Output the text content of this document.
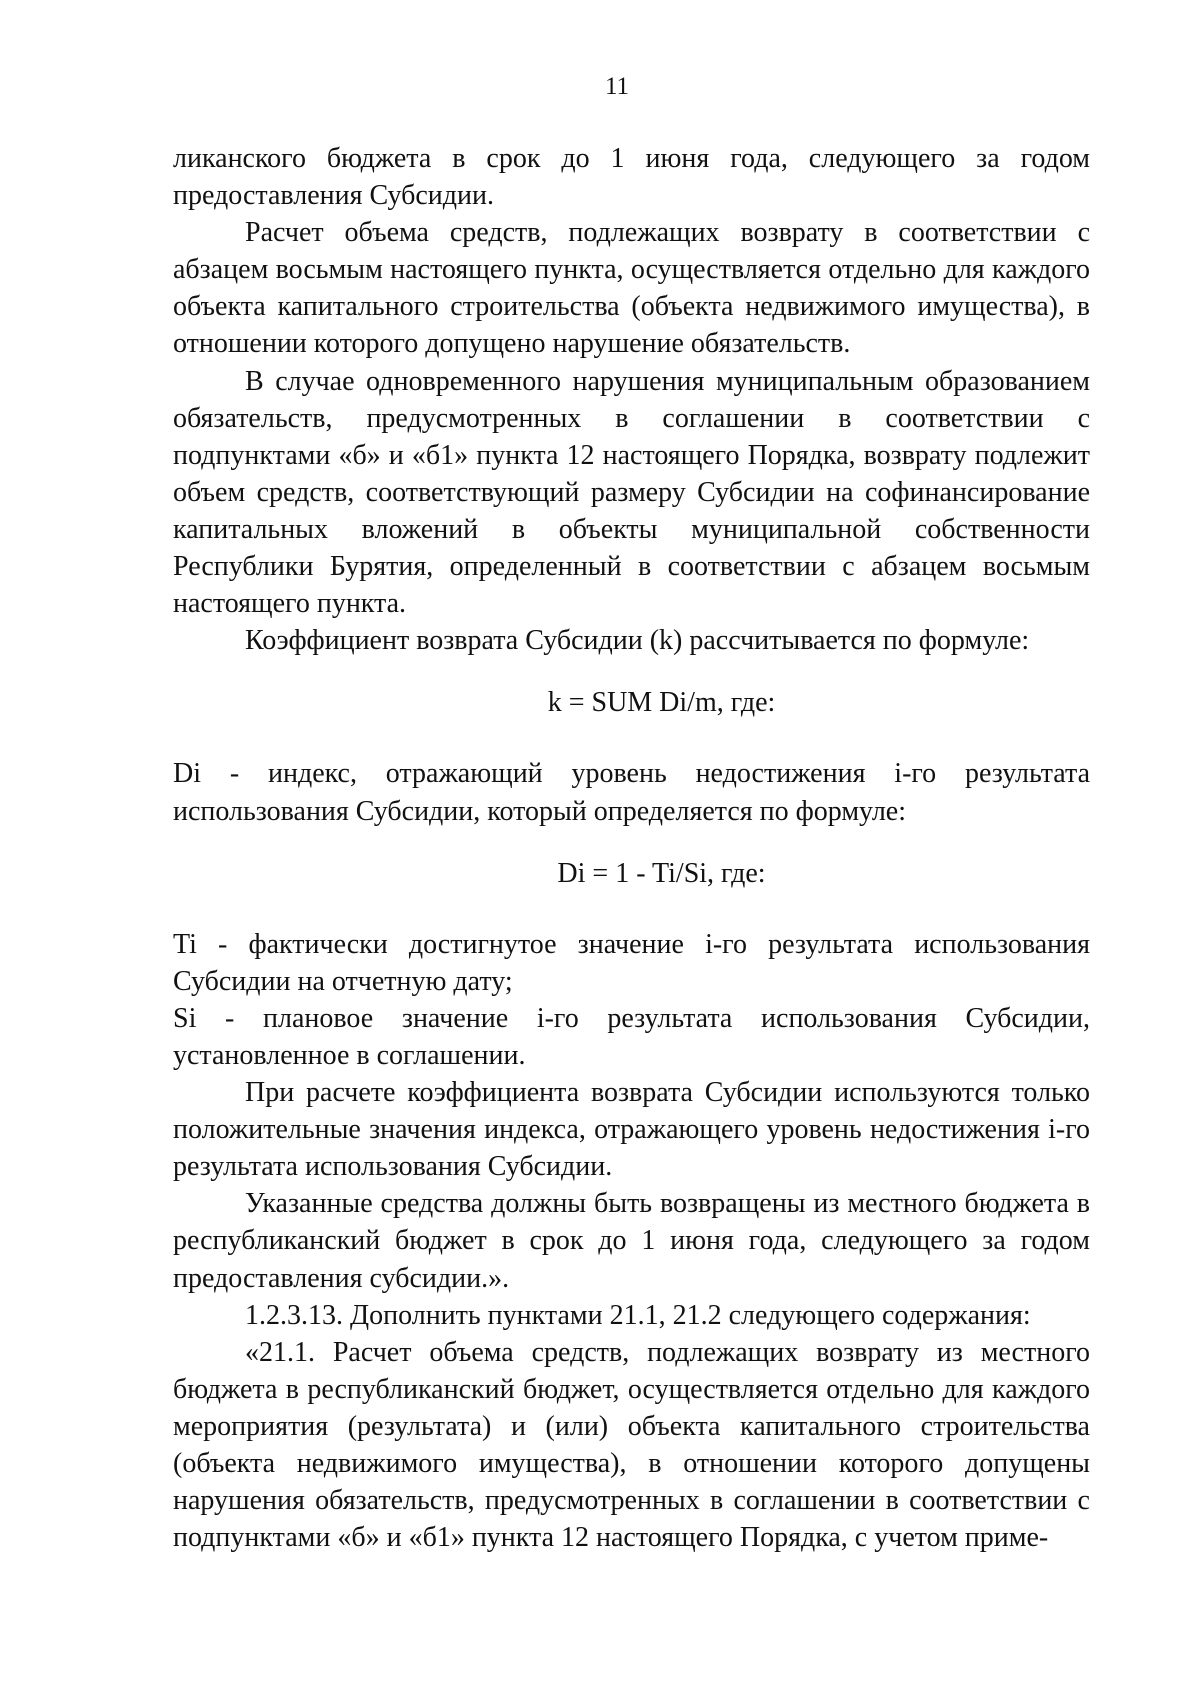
11

ликанского бюджета в срок до 1 июня года, следующего за годом предоставления Субсидии.

Расчет объема средств, подлежащих возврату в соответствии с абзацем восьмым настоящего пункта, осуществляется отдельно для каждого объекта капитального строительства (объекта недвижимого имущества), в отношении которого допущено нарушение обязательств.

В случае одновременного нарушения муниципальным образованием обязательств, предусмотренных в соглашении в соответствии с подпунктами «б» и «б1» пункта 12 настоящего Порядка, возврату подлежит объем средств, соответствующий размеру Субсидии на софинансирование капитальных вложений в объекты муниципальной собственности Республики Бурятия, определенный в соответствии с абзацем восьмым настоящего пункта.

Коэффициент возврата Субсидии (k) рассчитывается по формуле:

k = SUM Di/m, где:

Di - индекс, отражающий уровень недостижения i-го результата использования Субсидии, который определяется по формуле:

Di = 1 - Ti/Si, где:

Ti - фактически достигнутое значение i-го результата использования Субсидии на отчетную дату;

Si - плановое значение i-го результата использования Субсидии, установленное в соглашении.

При расчете коэффициента возврата Субсидии используются только положительные значения индекса, отражающего уровень недостижения i-го результата использования Субсидии.

Указанные средства должны быть возвращены из местного бюджета в республиканский бюджет в срок до 1 июня года, следующего за годом предоставления субсидии.».

1.2.3.13. Дополнить пунктами 21.1, 21.2 следующего содержания:

«21.1. Расчет объема средств, подлежащих возврату из местного бюджета в республиканский бюджет, осуществляется отдельно для каждого мероприятия (результата) и (или) объекта капитального строительства (объекта недвижимого имущества), в отношении которого допущены нарушения обязательств, предусмотренных в соглашении в соответствии с подпунктами «б» и «б1» пункта 12 настоящего Порядка, с учетом приме-
